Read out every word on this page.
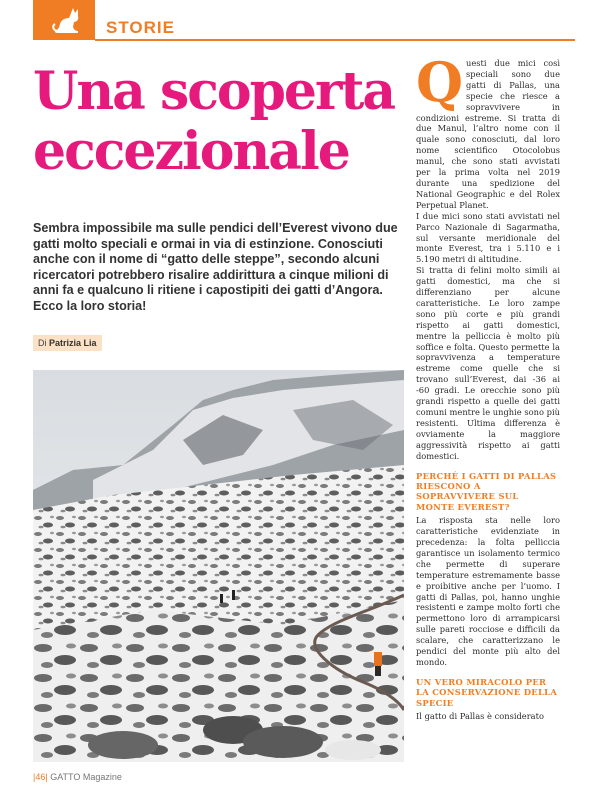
STORIE
Una scoperta eccezionale

Sembra impossibile ma sulle pendici dell’Everest vivono due gatti molto speciali e ormai in via di estinzione. Conosciuti anche con il nome di “gatto delle steppe”, secondo alcuni ricercatori potrebbero risalire addirittura a cinque milioni di anni fa e qualcuno li ritiene i capostipiti dei gatti d’Angora. Ecco la loro storia!

Di Patrizia Lia

Questi due mici così speciali sono due gatti di Pallas, una specie che riesce a sopravvivere in condizioni estreme. Si tratta di due Manul, l’altro nome con il quale sono conosciuti, dal loro nome scientifico Otocolobus manul, che sono stati avvistati per la prima volta nel 2019 durante una spedizione del National Geographic e del Rolex Perpetual Planet.

I due mici sono stati avvistati nel Parco Nazionale di Sagarmatha, sul versante meridionale del monte Everest, tra i 5.110 e i 5.190 metri di altitudine.

Si tratta di felini molto simili ai gatti domestici, ma che si differenziano per alcune caratteristiche. Le loro zampe sono più corte e più grandi rispetto ai gatti domestici, mentre la pelliccia è molto più soffice e folta. Questo permette la sopravvivenza a temperature estreme come quelle che si trovano sull’Everest, dai -36 ai -60 gradi. Le orecchie sono più grandi rispetto a quelle dei gatti comuni mentre le unghie sono più resistenti. Ultima differenza è ovviamente la maggiore aggressività rispetto ai gatti domestici.

PERCHÉ I GATTI DI PALLAS RIESCONO A SOPRAVVIVERE SUL MONTE EVEREST?

La risposta sta nelle loro caratteristiche evidenziate in precedenza: la folta pelliccia garantisce un isolamento termico che permette di superare temperature estremamente basse e proibitive anche per l’uomo. I gatti di Pallas, poi, hanno unghie resistenti e zampe molto forti che permettono loro di arrampicarsi sulle pareti rocciose e difficili da scalare, che caratterizzano le pendici del monte più alto del mondo.

UN VERO MIRACOLO PER LA CONSERVAZIONE DELLA SPECIE

Il gatto di Pallas è considerato

|46| GATTO Magazine
